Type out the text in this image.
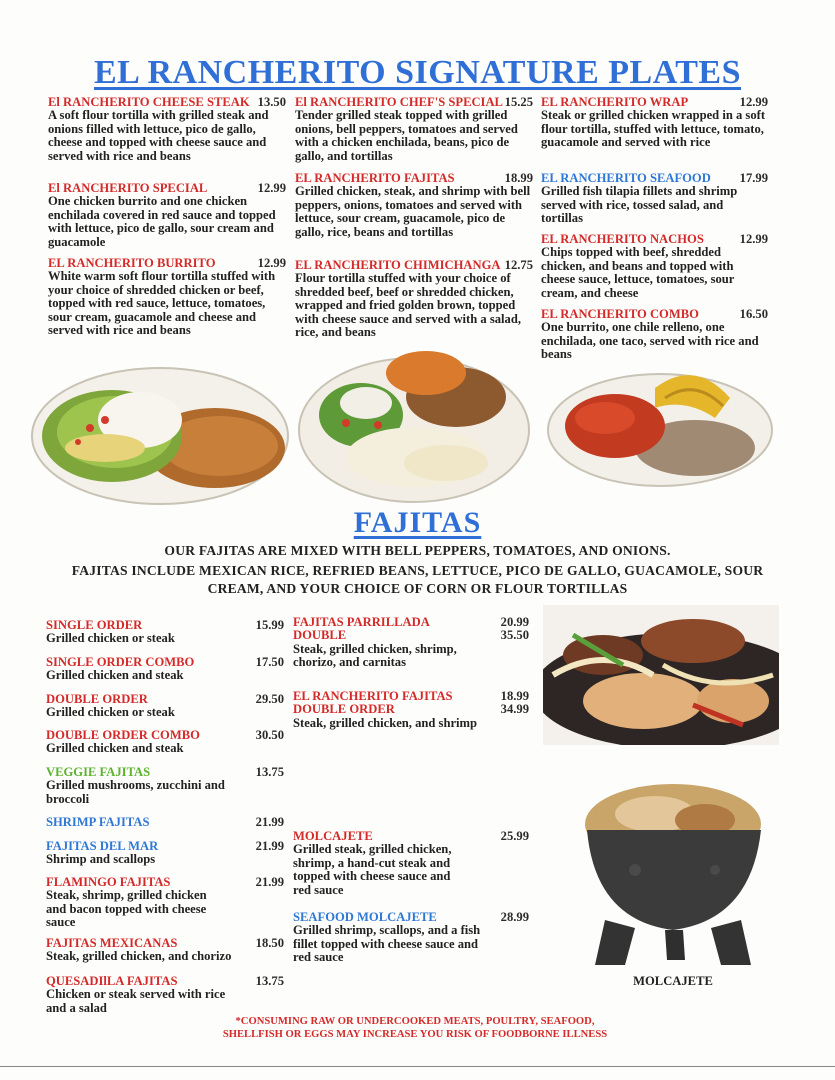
EL RANCHERITO SIGNATURE PLATES
El RANCHERITO CHEESE STEAK 13.50
A soft flour tortilla with grilled steak and onions filled with lettuce, pico de gallo, cheese and topped with cheese sauce and served with rice and beans
El RANCHERITO SPECIAL	12.99
One chicken burrito and one chicken enchilada covered in red sauce and topped with lettuce, pico de gallo, sour cream and guacamole
EL RANCHERITO BURRITO	12.99
White warm soft flour tortilla stuffed with your choice of shredded chicken or beef, topped with red sauce, lettuce, tomatoes, sour cream, guacamole and cheese and served with rice and beans
El RANCHERITO CHEF'S SPECIAL 15.25
Tender grilled steak topped with grilled onions, bell peppers, tomatoes and served with a chicken enchilada, beans, pico de gallo, and tortillas
EL RANCHERITO FAJITAS	18.99
Grilled chicken, steak, and shrimp with bell peppers, onions, tomatoes and served with lettuce, sour cream, guacamole, pico de gallo, rice, beans and tortillas
EL RANCHERITO CHIMICHANGA 12.75
Flour tortilla stuffed with your choice of shredded beef, beef or shredded chicken, wrapped and fried golden brown, topped with cheese sauce and served with a salad, rice, and beans
EL RANCHERITO WRAP	12.99
Steak or grilled chicken wrapped in a soft flour tortilla, stuffed with lettuce, tomato, guacamole and served with rice
EL RANCHERITO SEAFOOD 17.99
Grilled fish tilapia fillets and shrimp served with rice, tossed salad, and tortillas
EL RANCHERITO NACHOS	12.99
Chips topped with beef, shredded chicken, and beans and topped with cheese sauce, lettuce, tomatoes, sour cream, and cheese
EL RANCHERITO COMBO	16.50
One burrito, one chile relleno, one enchilada, one taco, served with rice and beans
FAJITAS
OUR FAJITAS ARE MIXED WITH BELL PEPPERS, TOMATOES, AND ONIONS.
FAJITAS INCLUDE MEXICAN RICE, REFRIED BEANS, LETTUCE, PICO DE GALLO, GUACAMOLE, SOUR
CREAM, AND YOUR CHOICE OF CORN OR FLOUR TORTILLAS
SINGLE ORDER	15.99
Grilled chicken or steak
SINGLE ORDER COMBO	17.50
Grilled chicken and steak
DOUBLE ORDER	29.50
Grilled chicken or steak
DOUBLE ORDER COMBO	30.50
Grilled chicken and steak
VEGGIE FAJITAS	13.75
Grilled mushrooms, zucchini and broccoli
SHRIMP FAJITAS	21.99
FAJITAS DEL MAR	21.99
Shrimp and scallops
FLAMINGO FAJITAS	21.99
Steak, shrimp, grilled chicken and bacon topped with cheese sauce
FAJITAS MEXICANAS	18.50
Steak, grilled chicken, and chorizo
QUESADIlLA FAJITAS	13.75
Chicken or steak served with rice and a salad
FAJITAS PARRILLADA	20.99
DOUBLE	35.50
Steak, grilled chicken, shrimp, chorizo, and carnitas
EL RANCHERITO FAJITAS	18.99
DOUBLE ORDER	34.99
Steak, grilled chicken, and shrimp
MOLCAJETE	25.99
Grilled steak, grilled chicken, shrimp, a hand-cut steak and topped with cheese sauce and red sauce
SEAFOOD MOLCAJETE	28.99
Grilled shrimp, scallops, and a fish fillet topped with cheese sauce and red sauce
MOLCAJETE
*CONSUMING RAW OR UNDERCOOKED MEATS, POULTRY, SEAFOOD,
SHELLFISH OR EGGS MAY INCREASE YOU RISK OF FOODBORNE ILLNESS
